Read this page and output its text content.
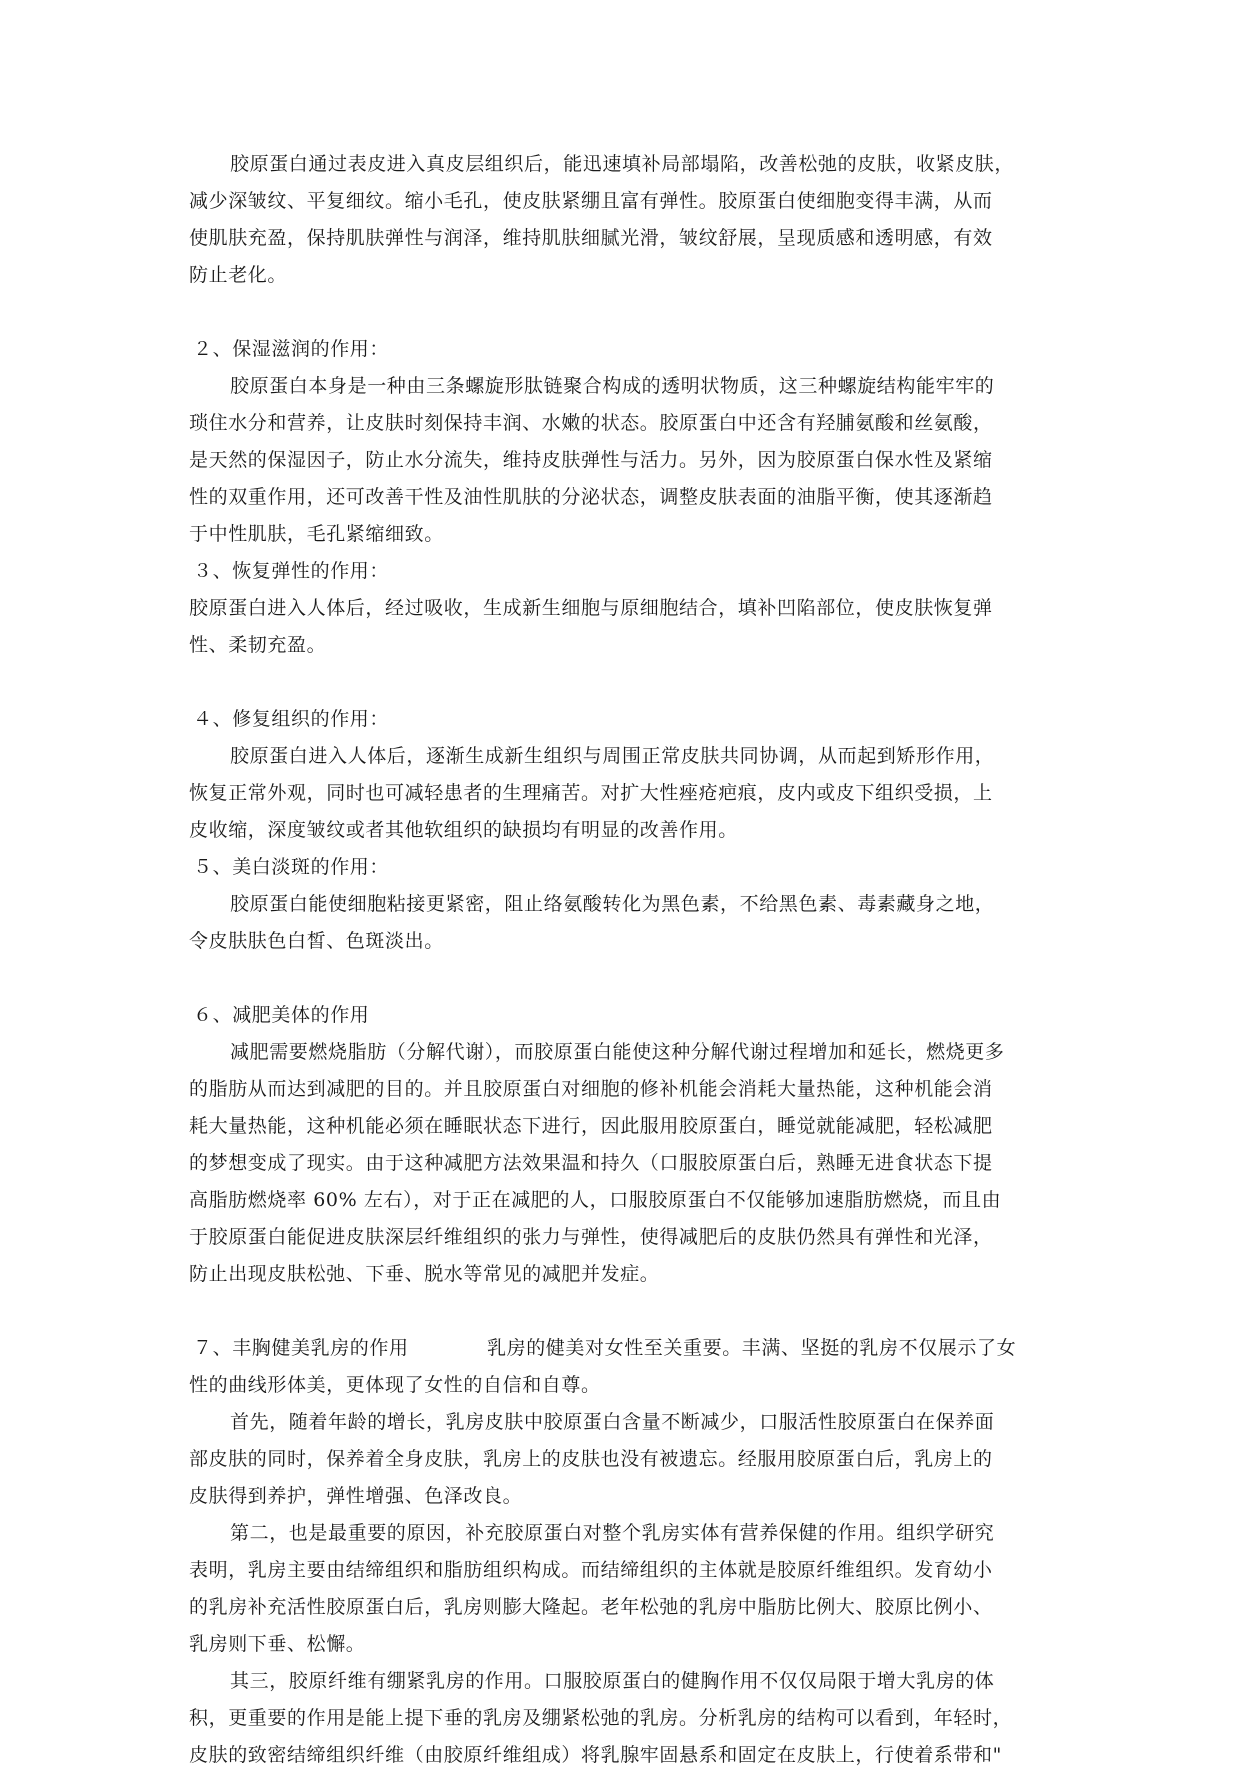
胶原蛋白通过表皮进入真皮层组织后，能迅速填补局部塌陷，改善松弛的皮肤，收紧皮肤，
减少深皱纹、平复细纹。缩小毛孔，使皮肤紧绷且富有弹性。胶原蛋白使细胞变得丰满，从而
使肌肤充盈，保持肌肤弹性与润泽，维持肌肤细腻光滑，皱纹舒展，呈现质感和透明感，有效
防止老化。
２、保湿滋润的作用：
胶原蛋白本身是一种由三条螺旋形肽链聚合构成的透明状物质，这三种螺旋结构能牢牢的
琐住水分和营养，让皮肤时刻保持丰润、水嫩的状态。胶原蛋白中还含有羟脯氨酸和丝氨酸，
是天然的保湿因子，防止水分流失，维持皮肤弹性与活力。另外，因为胶原蛋白保水性及紧缩
性的双重作用，还可改善干性及油性肌肤的分泌状态，调整皮肤表面的油脂平衡，使其逐渐趋
于中性肌肤，毛孔紧缩细致。
３、恢复弹性的作用：
胶原蛋白进入人体后，经过吸收，生成新生细胞与原细胞结合，填补凹陷部位，使皮肤恢复弹
性、柔韧充盈。
４、修复组织的作用：
胶原蛋白进入人体后，逐渐生成新生组织与周围正常皮肤共同协调，从而起到矫形作用，
恢复正常外观，同时也可减轻患者的生理痛苦。对扩大性痤疮疤痕，皮内或皮下组织受损，上
皮收缩，深度皱纹或者其他软组织的缺损均有明显的改善作用。
５、美白淡斑的作用：
胶原蛋白能使细胞粘接更紧密，阻止络氨酸转化为黑色素，不给黑色素、毒素藏身之地，
令皮肤肤色白皙、色斑淡出。
６、减肥美体的作用
减肥需要燃烧脂肪（分解代谢），而胶原蛋白能使这种分解代谢过程增加和延长，燃烧更多
的脂肪从而达到减肥的目的。并且胶原蛋白对细胞的修补机能会消耗大量热能，这种机能会消
耗大量热能，这种机能必须在睡眠状态下进行，因此服用胶原蛋白，睡觉就能减肥，轻松减肥
的梦想变成了现实。由于这种减肥方法效果温和持久（口服胶原蛋白后，熟睡无进食状态下提
高脂肪燃烧率 60% 左右），对于正在减肥的人，口服胶原蛋白不仅能够加速脂肪燃烧，而且由
于胶原蛋白能促进皮肤深层纤维组织的张力与弹性，使得减肥后的皮肤仍然具有弹性和光泽，
防止出现皮肤松弛、下垂、脱水等常见的减肥并发症。
７、丰胸健美乳房的作用　　　　乳房的健美对女性至关重要。丰满、坚挺的乳房不仅展示了女
性的曲线形体美，更体现了女性的自信和自尊。
首先，随着年龄的增长，乳房皮肤中胶原蛋白含量不断减少，口服活性胶原蛋白在保养面
部皮肤的同时，保养着全身皮肤，乳房上的皮肤也没有被遗忘。经服用胶原蛋白后，乳房上的
皮肤得到养护，弹性增强、色泽改良。
第二，也是最重要的原因，补充胶原蛋白对整个乳房实体有营养保健的作用。组织学研究
表明，乳房主要由结缔组织和脂肪组织构成。而结缔组织的主体就是胶原纤维组织。发育幼小
的乳房补充活性胶原蛋白后，乳房则膨大隆起。老年松弛的乳房中脂肪比例大、胶原比例小、
乳房则下垂、松懈。
其三，胶原纤维有绷紧乳房的作用。口服胶原蛋白的健胸作用不仅仅局限于增大乳房的体
积，更重要的作用是能上提下垂的乳房及绷紧松弛的乳房。分析乳房的结构可以看到，年轻时，
皮肤的致密结缔组织纤维（由胶原纤维组成）将乳腺牢固悬系和固定在皮肤上，行使着系带和"
